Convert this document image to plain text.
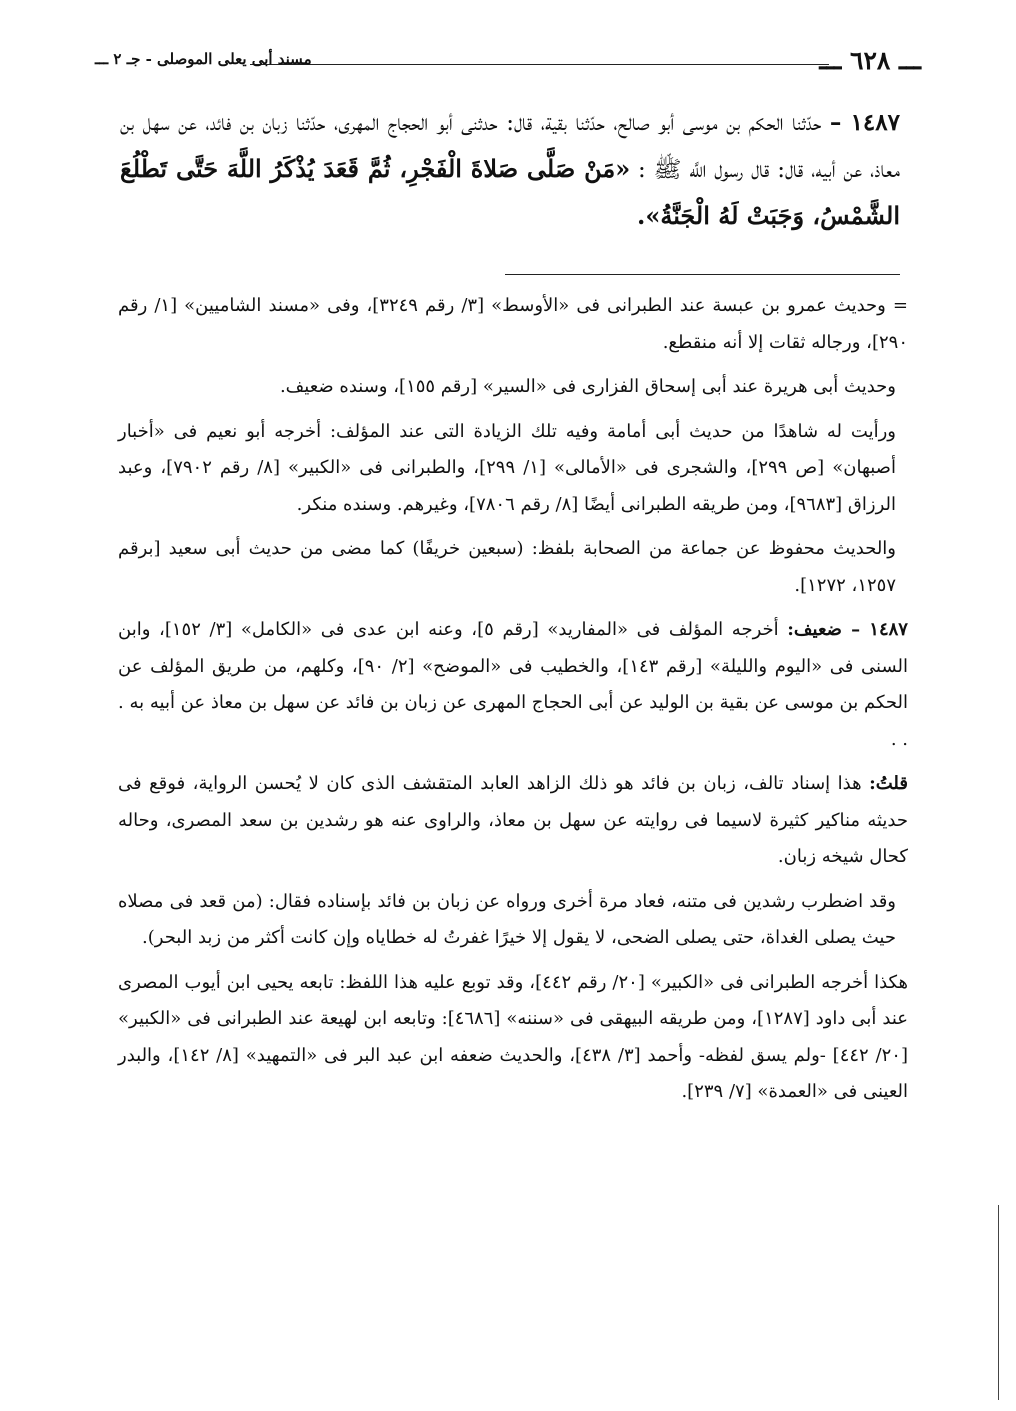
ـــ ٦٢٨ ـــ
مسند أبى يعلى الموصلى - جـ ٢ ـــ
١٤٨٧ – حدّثنا الحكم بن موسى أبو صالح، حدّثنا بقية، قال: حدثنى أبو الحجاج المهرى، حدّثنا زبان بن فائد، عن سهل بن معاذ، عن أبيه، قال: قال رسول اللَّه ﷺ : «مَنْ صَلَّى صَلاةَ الْفَجْرِ، ثُمَّ قَعَدَ يُذْكَرُ اللَّهَ حَتَّى تَطْلُعَ الشَّمْسُ، وَجَبَتْ لَهُ الْجَنَّةُ».

= وحديث عمرو بن عبسة عند الطبرانى فى «الأوسط» [٣/ رقم ٣٢٤٩]، وفى «مسند الشاميين» [١/ رقم ٢٩٠]، ورجاله ثقات إلا أنه منقطع.

وحديث أبى هريرة عند أبى إسحاق الفزارى فى «السير» [رقم ١٥٥]، وسنده ضعيف.

ورأيت له شاهدًا من حديث أبى أمامة وفيه تلك الزيادة التى عند المؤلف: أخرجه أبو نعيم فى «أخبار أصبهان» [ص ٢٩٩]، والشجرى فى «الأمالى» [١/ ٢٩٩]، والطبرانى فى «الكبير» [٨/ رقم ٧٩٠٢]، وعبد الرزاق [٩٦٨٣]، ومن طريقه الطبرانى أيضًا [٨/ رقم ٧٨٠٦]، وغيرهم. وسنده منكر.

والحديث محفوظ عن جماعة من الصحابة بلفظ: (سبعين خريفًا) كما مضى من حديث أبى سعيد [برقم ١٢٥٧، ١٢٧٢].

١٤٨٧ – ضعيف: أخرجه المؤلف فى «المفاريد» [رقم ٥]، وعنه ابن عدى فى «الكامل» [٣/ ١٥٢]، وابن السنى فى «اليوم والليلة» [رقم ١٤٣]، والخطيب فى «الموضح» [٢/ ٩٠]، وكلهم، من طريق المؤلف عن الحكم بن موسى عن بقية بن الوليد عن أبى الحجاج المهرى عن زبان بن فائد عن سهل بن معاذ عن أبيه به . . .

قلتُ: هذا إسناد تالف، زبان بن فائد هو ذلك الزاهد العابد المتقشف الذى كان لا يُحسن الرواية، فوقع فى حديثه مناكير كثيرة لاسيما فى روايته عن سهل بن معاذ، والراوى عنه هو رشدين بن سعد المصرى، وحاله كحال شيخه زبان.

وقد اضطرب رشدين فى متنه، فعاد مرة أخرى ورواه عن زبان بن فائد بإسناده فقال: (من قعد فى مصلاه حيث يصلى الغداة، حتى يصلى الضحى، لا يقول إلا خيرًا غفرتُ له خطاياه وإن كانت أكثر من زبد البحر).

هكذا أخرجه الطبرانى فى «الكبير» [٢٠/ رقم ٤٤٢]، وقد توبع عليه هذا اللفظ: تابعه يحيى ابن أيوب المصرى عند أبى داود [١٢٨٧]، ومن طريقه البيهقى فى «سننه» [٤٦٨٦]: وتابعه ابن لهيعة عند الطبرانى فى «الكبير» [٢٠/ ٤٤٢] -ولم يسق لفظه- وأحمد [٣/ ٤٣٨]، والحديث ضعفه ابن عبد البر فى «التمهيد» [٨/ ١٤٢]، والبدر العينى فى «العمدة» [٧/ ٢٣٩].
